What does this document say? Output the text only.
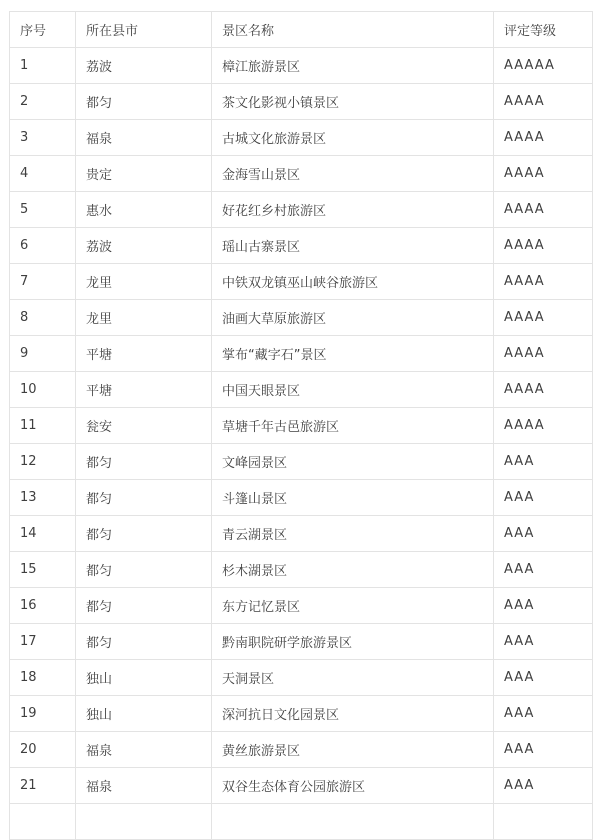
序号	所在县市	景区名称	评定等级
1	荔波	樟江旅游景区	AAAAA
2	都匀	茶文化影视小镇景区	AAAA
3	福泉	古城文化旅游景区	AAAA
4	贵定	金海雪山景区	AAAA
5	惠水	好花红乡村旅游区	AAAA
6	荔波	瑶山古寨景区	AAAA
7	龙里	中铁双龙镇巫山峡谷旅游区	AAAA
8	龙里	油画大草原旅游区	AAAA
9	平塘	掌布“藏字石”景区	AAAA
10	平塘	中国天眼景区	AAAA
11	瓮安	草塘千年古邑旅游区	AAAA
12	都匀	文峰园景区	AAA
13	都匀	斗篷山景区	AAA
14	都匀	青云湖景区	AAA
15	都匀	杉木湖景区	AAA
16	都匀	东方记忆景区	AAA
17	都匀	黔南职院研学旅游景区	AAA
18	独山	天洞景区	AAA
19	独山	深河抗日文化园景区	AAA
20	福泉	黄丝旅游景区	AAA
21	福泉	双谷生态体育公园旅游区	AAA
